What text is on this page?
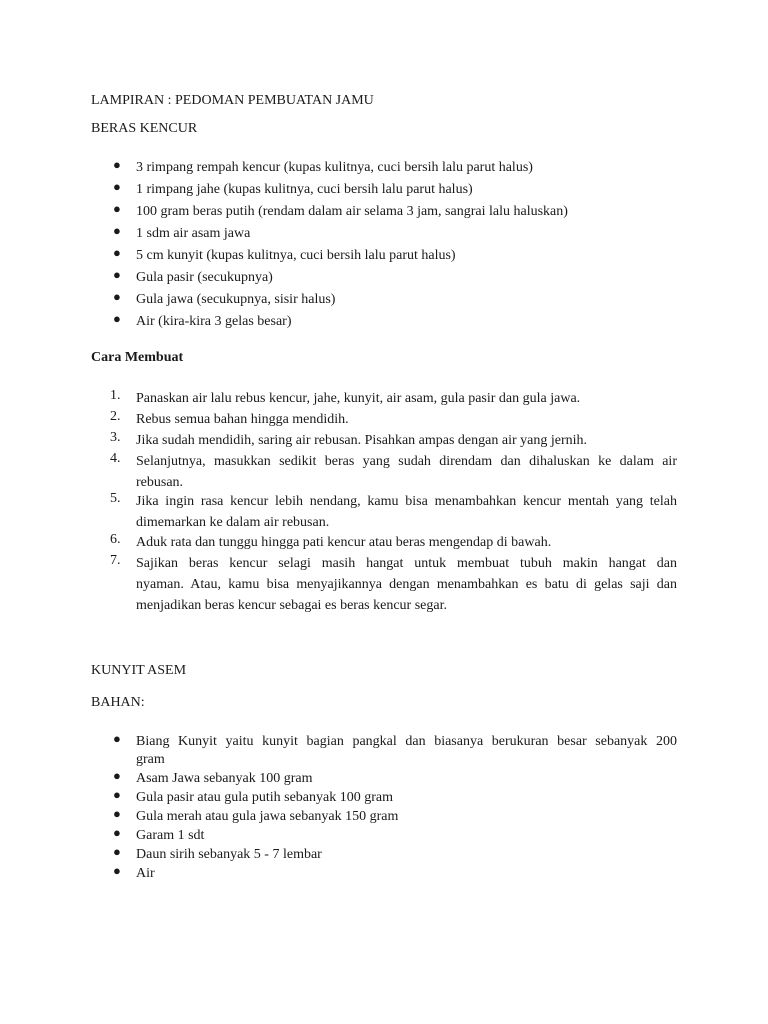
LAMPIRAN : PEDOMAN PEMBUATAN JAMU
BERAS KENCUR
● 3 rimpang rempah kencur (kupas kulitnya, cuci bersih lalu parut halus)
● 1 rimpang jahe (kupas kulitnya, cuci bersih lalu parut halus)
● 100 gram beras putih (rendam dalam air selama 3 jam, sangrai lalu haluskan)
● 1 sdm air asam jawa
● 5 cm kunyit (kupas kulitnya, cuci bersih lalu parut halus)
● Gula pasir (secukupnya)
● Gula jawa (secukupnya, sisir halus)
● Air (kira-kira 3 gelas besar)
Cara Membuat
1. Panaskan air lalu rebus kencur, jahe, kunyit, air asam, gula pasir dan gula jawa.
2. Rebus semua bahan hingga mendidih.
3. Jika sudah mendidih, saring air rebusan. Pisahkan ampas dengan air yang jernih.
4. Selanjutnya, masukkan sedikit beras yang sudah direndam dan dihaluskan ke dalam air
rebusan.
5. Jika ingin rasa kencur lebih nendang, kamu bisa menambahkan kencur mentah yang telah
dimemarkan ke dalam air rebusan.
6. Aduk rata dan tunggu hingga pati kencur atau beras mengendap di bawah.
7. Sajikan beras kencur selagi masih hangat untuk membuat tubuh makin hangat dan
nyaman. Atau, kamu bisa menyajikannya dengan menambahkan es batu di gelas saji dan
menjadikan beras kencur sebagai es beras kencur segar.
KUNYIT ASEM
BAHAN:
● Biang Kunyit yaitu kunyit bagian pangkal dan biasanya berukuran besar sebanyak 200
gram
● Asam Jawa sebanyak 100 gram
● Gula pasir atau gula putih sebanyak 100 gram
● Gula merah atau gula jawa sebanyak 150 gram
● Garam 1 sdt
● Daun sirih sebanyak 5 - 7 lembar
● Air
